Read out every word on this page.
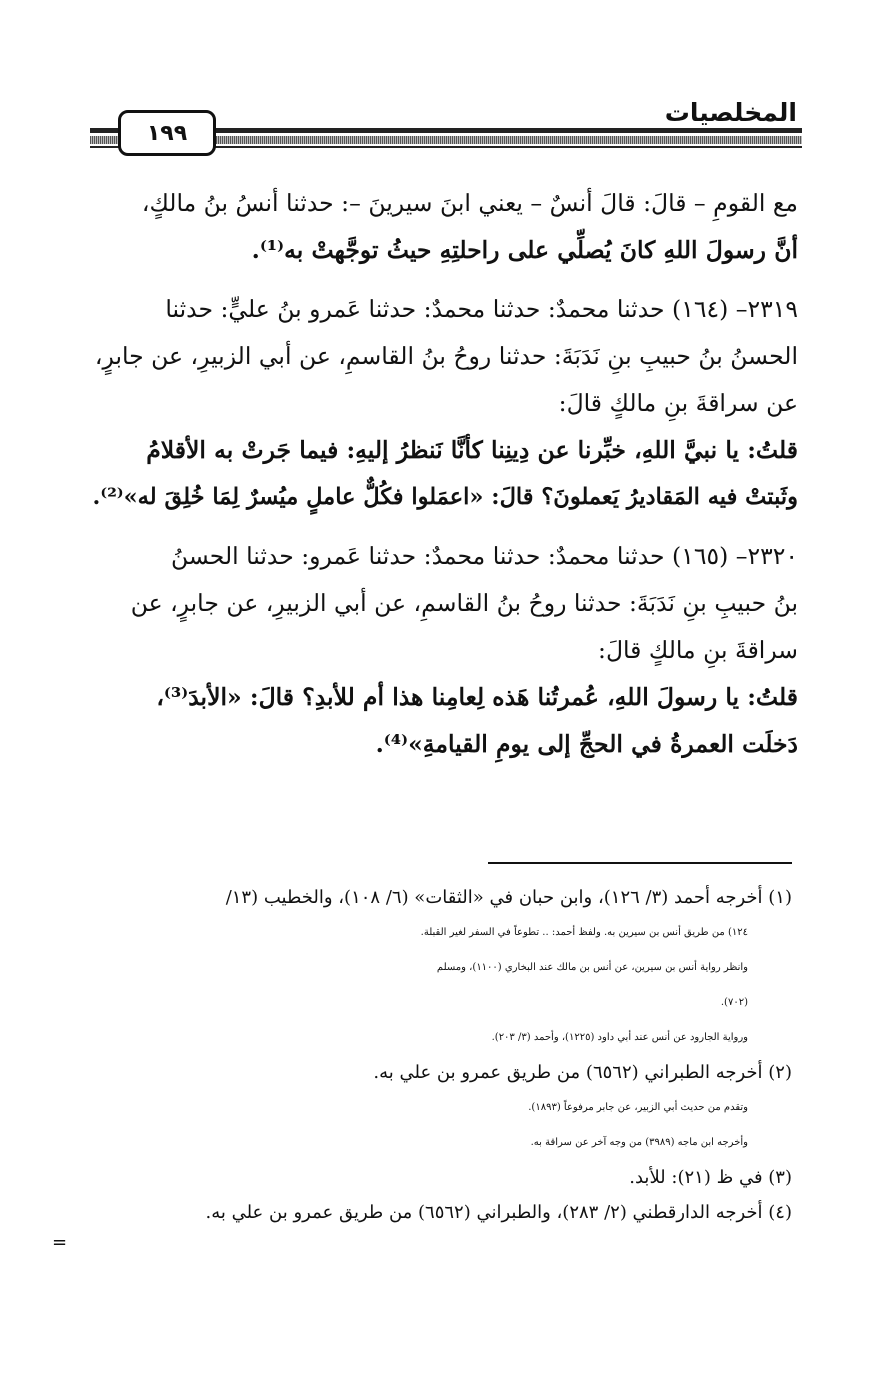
١٩٩
المخلصيات
مع القومِ – قالَ: قالَ أنسٌ – يعني ابنَ سيرينَ –: حدثنا أنسُ بنُ مالكٍ،
أنَّ رسولَ اللهِ كانَ يُصلِّي على راحلتِهِ حيثُ توجَّهتْ به⁽¹⁾.
٢٣١٩– (١٦٤) حدثنا محمدٌ: حدثنا محمدٌ: حدثنا عَمرو بنُ عليٍّ: حدثنا
الحسنُ بنُ حبيبِ بنِ نَدَبَةَ: حدثنا روحُ بنُ القاسمِ، عن أبي الزبيرِ، عن جابرٍ،
عن سراقةَ بنِ مالكٍ قالَ:
قلتُ: يا نبيَّ اللهِ، خبِّرنا عن دِينِنا كأنَّا نَنظرُ إليهِ: فيما جَرتْ به الأقلامُ
وثَبتتْ فيه المَقاديرُ يَعملونَ؟ قالَ: «اعمَلوا فكُلٌّ عاملٍ ميُسرٌ لِمَا خُلِقَ له»⁽²⁾.
٢٣٢٠– (١٦٥) حدثنا محمدٌ: حدثنا محمدٌ: حدثنا عَمرو: حدثنا الحسنُ
بنُ حبيبِ بنِ نَدَبَةَ: حدثنا روحُ بنُ القاسمِ، عن أبي الزبيرِ، عن جابرٍ، عن
سراقةَ بنِ مالكٍ قالَ:
قلتُ: يا رسولَ اللهِ، عُمرتُنا هَذه لِعامِنا هذا أم للأبدِ؟ قالَ: «الأبدَ⁽³⁾،
دَخلَت العمرةُ في الحجِّ إلى يومِ القيامةِ»⁽⁴⁾.
(١) أخرجه أحمد (٣/ ١٢٦)، وابن حبان في «الثقات» (٦/ ١٠٨)، والخطيب (١٣/
١٢٤) من طريق أنس بن سيرين به. ولفظ أحمد: .. تطوعاً في السفر لغير القبلة.
وانظر رواية أنس بن سيرين، عن أنس بن مالك عند البخاري (١١٠٠)، ومسلم
(٧٠٢).
ورواية الجارود عن أنس عند أبي داود (١٢٢٥)، وأحمد (٣/ ٢٠٣).
(٢) أخرجه الطبراني (٦٥٦٢) من طريق عمرو بن علي به.
وتقدم من حديث أبي الزبير، عن جابر مرفوعاً (١٨٩٣).
وأخرجه ابن ماجه (٣٩٨٩) من وجه آخر عن سراقة به.
(٣) في ظ (٢١): للأبد.
(٤) أخرجه الدارقطني (٢/ ٢٨٣)، والطبراني (٦٥٦٢) من طريق عمرو بن علي به.
=
